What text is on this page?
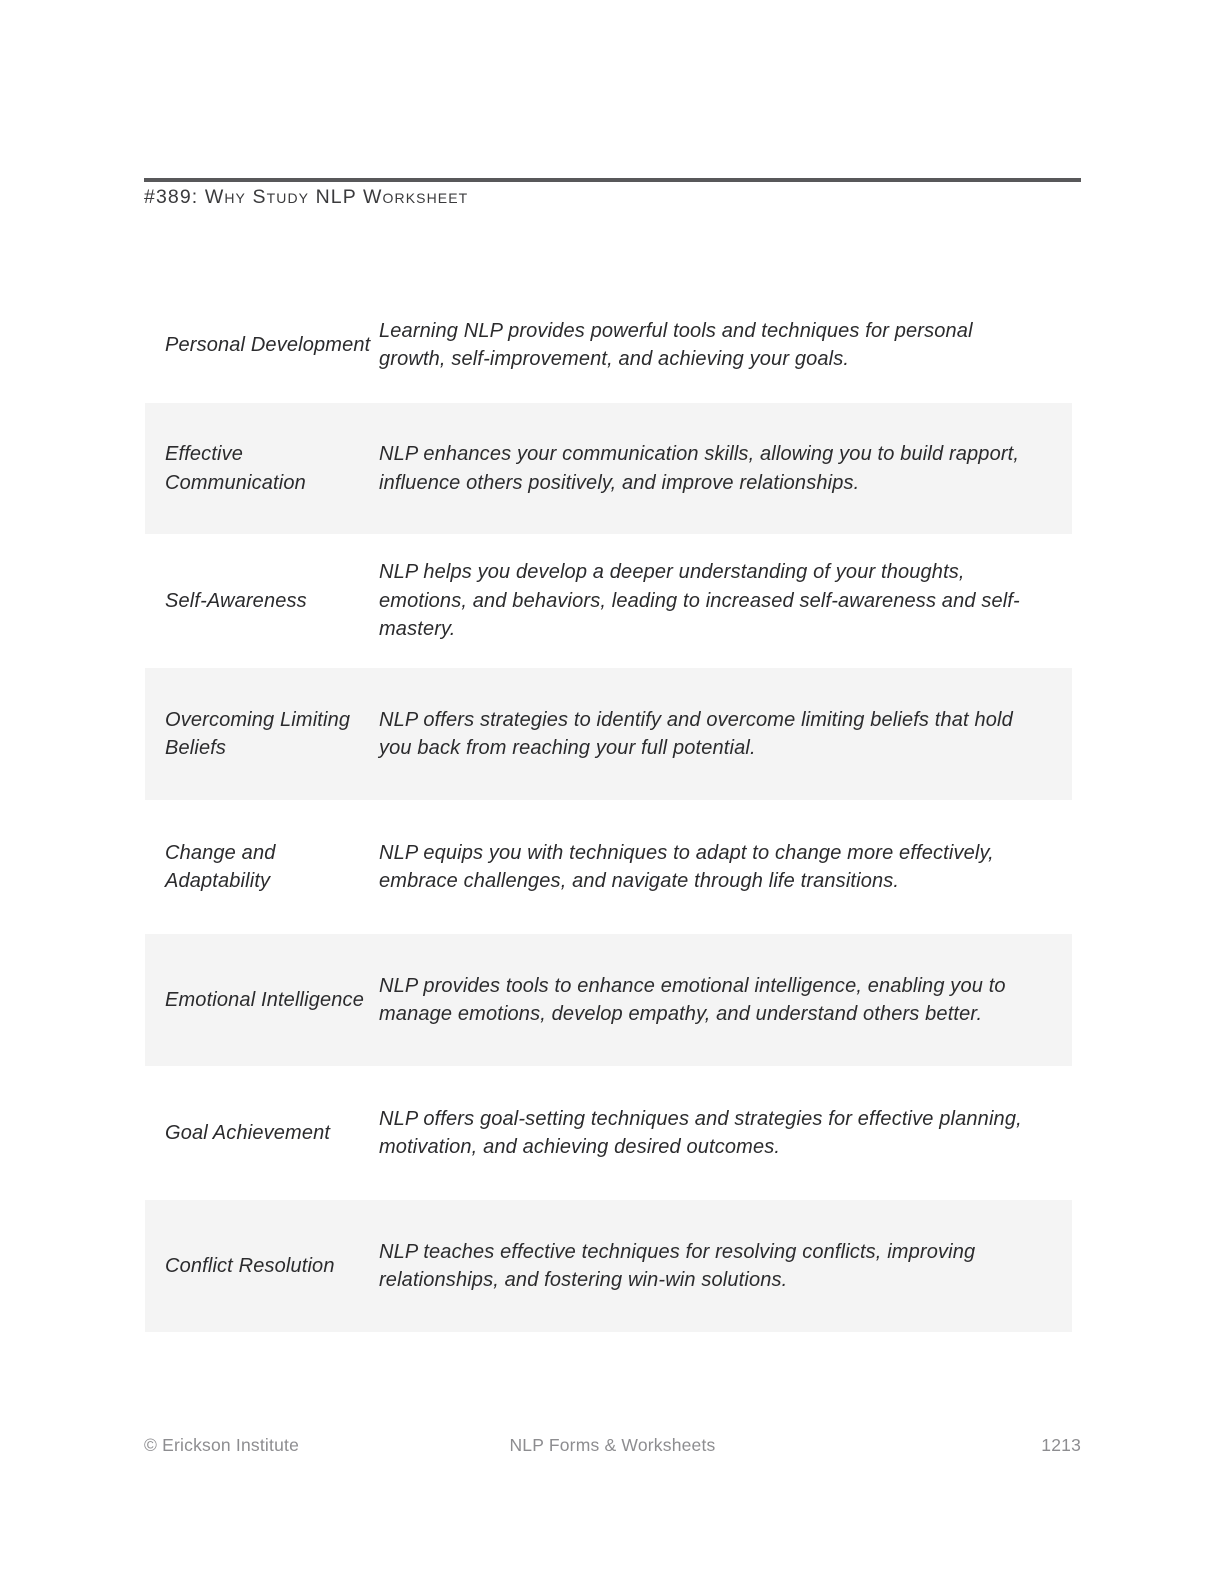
#389: Why Study NLP Worksheet
Personal Development
Learning NLP provides powerful tools and techniques for personal growth, self-improvement, and achieving your goals.
Effective Communication
NLP enhances your communication skills, allowing you to build rapport, influence others positively, and improve relationships.
Self-Awareness
NLP helps you develop a deeper understanding of your thoughts, emotions, and behaviors, leading to increased self-awareness and self-mastery.
Overcoming Limiting Beliefs
NLP offers strategies to identify and overcome limiting beliefs that hold you back from reaching your full potential.
Change and Adaptability
NLP equips you with techniques to adapt to change more effectively, embrace challenges, and navigate through life transitions.
Emotional Intelligence
NLP provides tools to enhance emotional intelligence, enabling you to manage emotions, develop empathy, and understand others better.
Goal Achievement
NLP offers goal-setting techniques and strategies for effective planning, motivation, and achieving desired outcomes.
Conflict Resolution
NLP teaches effective techniques for resolving conflicts, improving relationships, and fostering win-win solutions.
© Erickson Institute	NLP Forms & Worksheets	1213
